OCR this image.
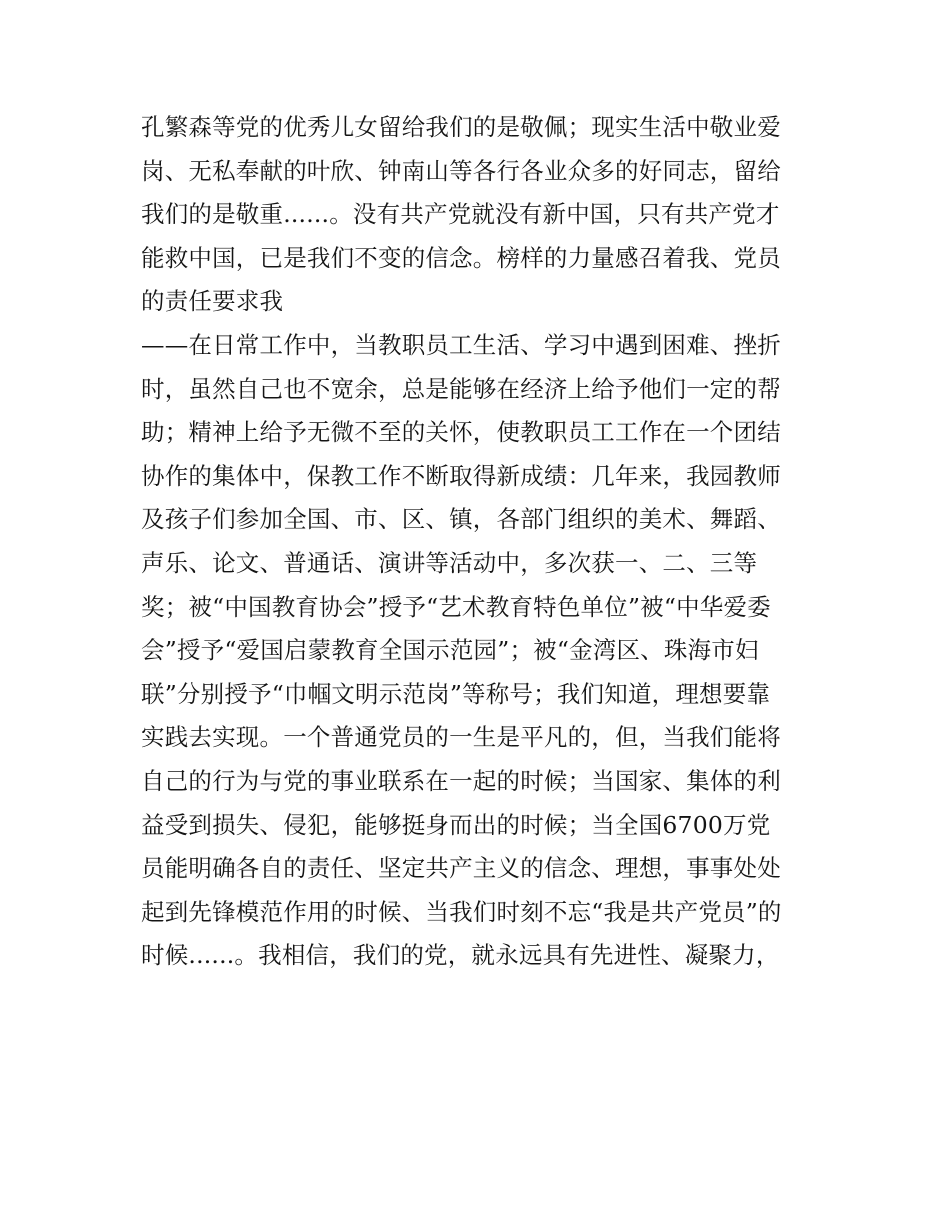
孔繁森等党的优秀儿女留给我们的是敬佩；现实生活中敬业爱
岗、无私奉献的叶欣、钟南山等各行各业众多的好同志，留给
我们的是敬重......。没有共产党就没有新中国，只有共产党才
能救中国，已是我们不变的信念。榜样的力量感召着我、党员
的责任要求我
——在日常工作中，当教职员工生活、学习中遇到困难、挫折
时，虽然自己也不宽余，总是能够在经济上给予他们一定的帮
助；精神上给予无微不至的关怀，使教职员工工作在一个团结
协作的集体中，保教工作不断取得新成绩：几年来，我园教师
及孩子们参加全国、市、区、镇，各部门组织的美术、舞蹈、
声乐、论文、普通话、演讲等活动中，多次获一、二、三等
奖；被“中国教育协会”授予“艺术教育特色单位”被“中华爱委
会”授予“爱国启蒙教育全国示范园”；被“金湾区、珠海市妇
联”分别授予“巾帼文明示范岗”等称号；我们知道，理想要靠
实践去实现。一个普通党员的一生是平凡的，但，当我们能将
自己的行为与党的事业联系在一起的时候；当国家、集体的利
益受到损失、侵犯，能够挺身而出的时候；当全国6700万党
员能明确各自的责任、坚定共产主义的信念、理想，事事处处
起到先锋模范作用的时候、当我们时刻不忘“我是共产党员”的
时候......。我相信，我们的党，就永远具有先进性、凝聚力，
